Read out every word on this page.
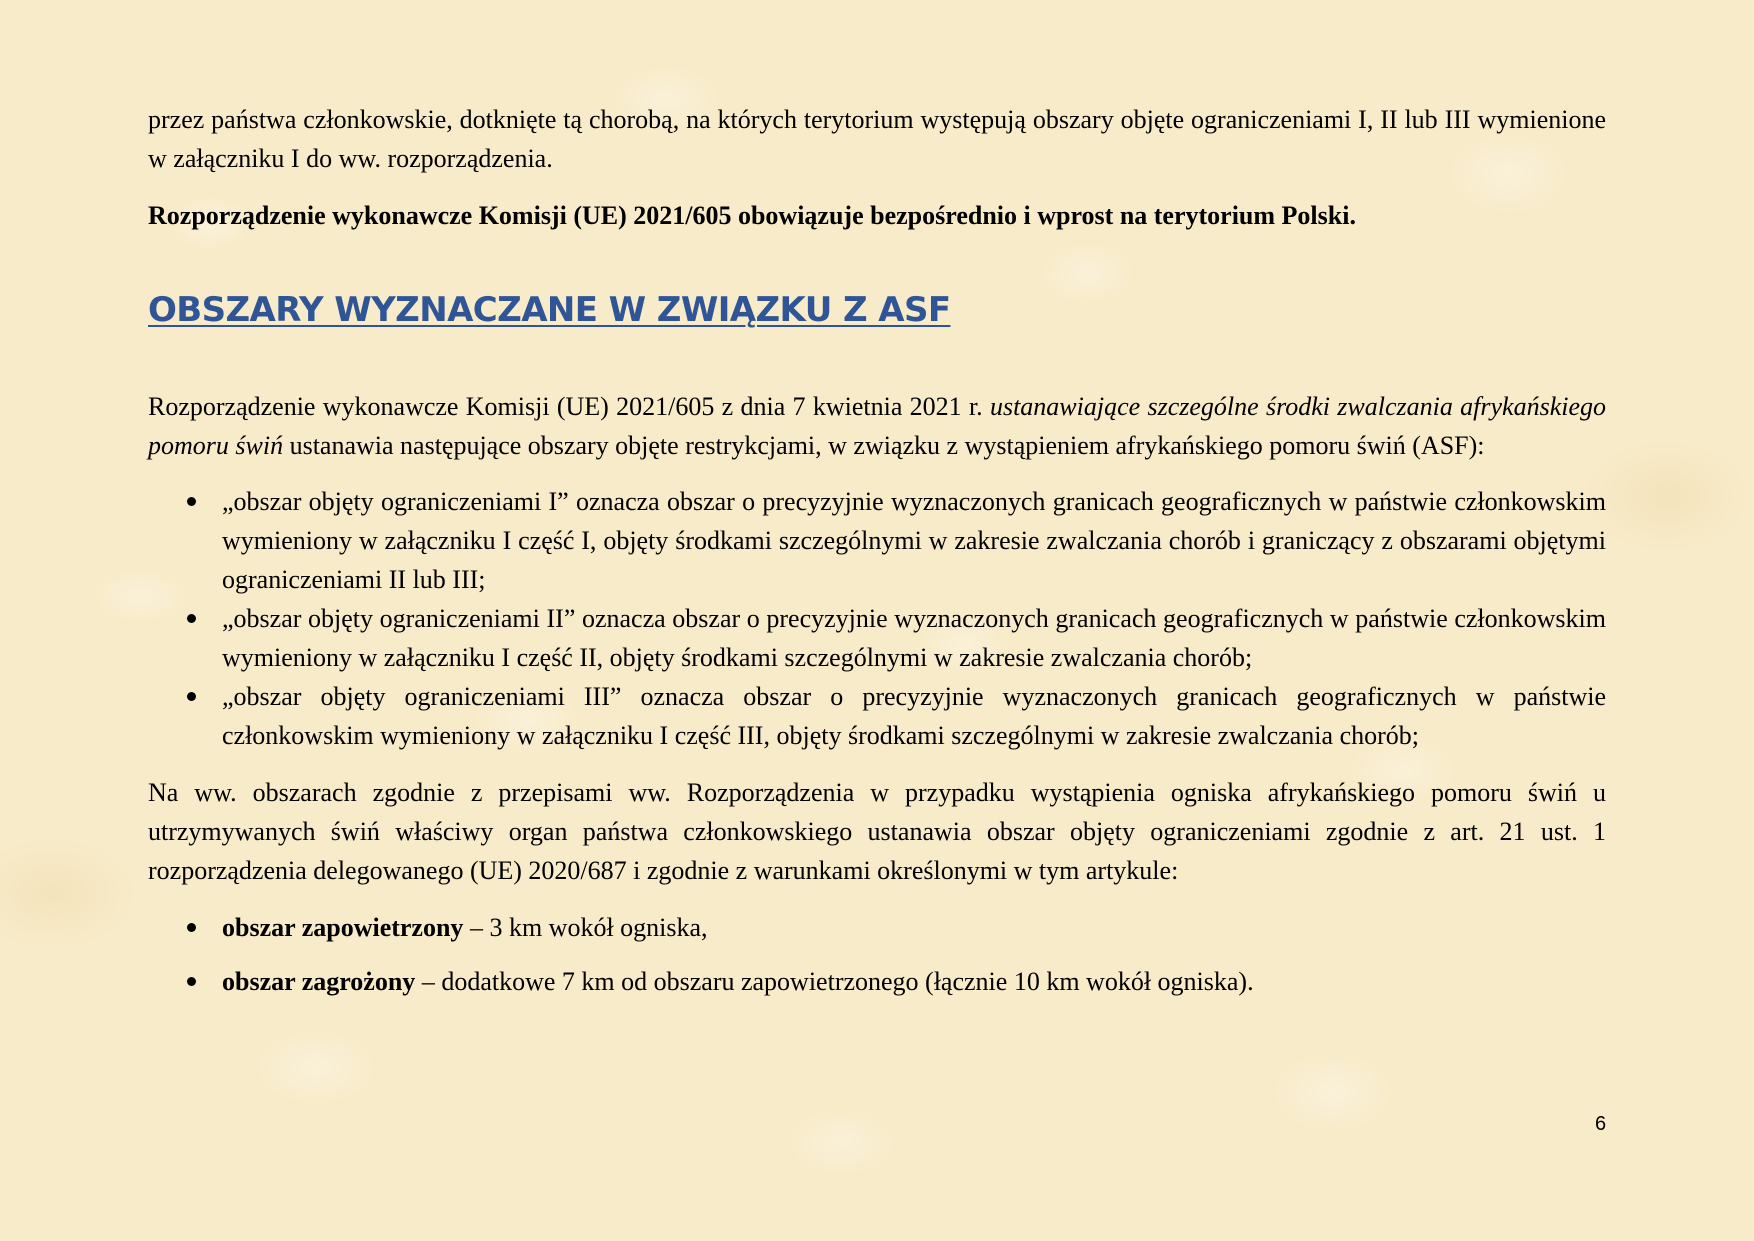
przez państwa członkowskie, dotknięte tą chorobą, na których terytorium występują obszary objęte ograniczeniami I, II lub III wymienione w załączniku I do ww. rozporządzenia.

Rozporządzenie wykonawcze Komisji (UE) 2021/605 obowiązuje bezpośrednio i wprost na terytorium Polski.

OBSZARY WYZNACZANE W ZWIĄZKU Z ASF

Rozporządzenie wykonawcze Komisji (UE) 2021/605 z dnia 7 kwietnia 2021 r. ustanawiające szczególne środki zwalczania afrykańskiego pomoru świń ustanawia następujące obszary objęte restrykcjami, w związku z wystąpieniem afrykańskiego pomoru świń (ASF):

„obszar objęty ograniczeniami I” oznacza obszar o precyzyjnie wyznaczonych granicach geograficznych w państwie członkowskim wymieniony w załączniku I część I, objęty środkami szczególnymi w zakresie zwalczania chorób i graniczący z obszarami objętymi ograniczeniami II lub III;
„obszar objęty ograniczeniami II” oznacza obszar o precyzyjnie wyznaczonych granicach geograficznych w państwie członkowskim wymieniony w załączniku I część II, objęty środkami szczególnymi w zakresie zwalczania chorób;
„obszar objęty ograniczeniami III” oznacza obszar o precyzyjnie wyznaczonych granicach geograficznych w państwie członkowskim wymieniony w załączniku I część III, objęty środkami szczególnymi w zakresie zwalczania chorób;

Na ww. obszarach zgodnie z przepisami ww. Rozporządzenia w przypadku wystąpienia ogniska afrykańskiego pomoru świń u utrzymywanych świń właściwy organ państwa członkowskiego ustanawia obszar objęty ograniczeniami zgodnie z art. 21 ust. 1 rozporządzenia delegowanego (UE) 2020/687 i zgodnie z warunkami określonymi w tym artykule:

obszar zapowietrzony – 3 km wokół ogniska,
obszar zagrożony – dodatkowe 7 km od obszaru zapowietrzonego (łącznie 10 km wokół ogniska).
6
